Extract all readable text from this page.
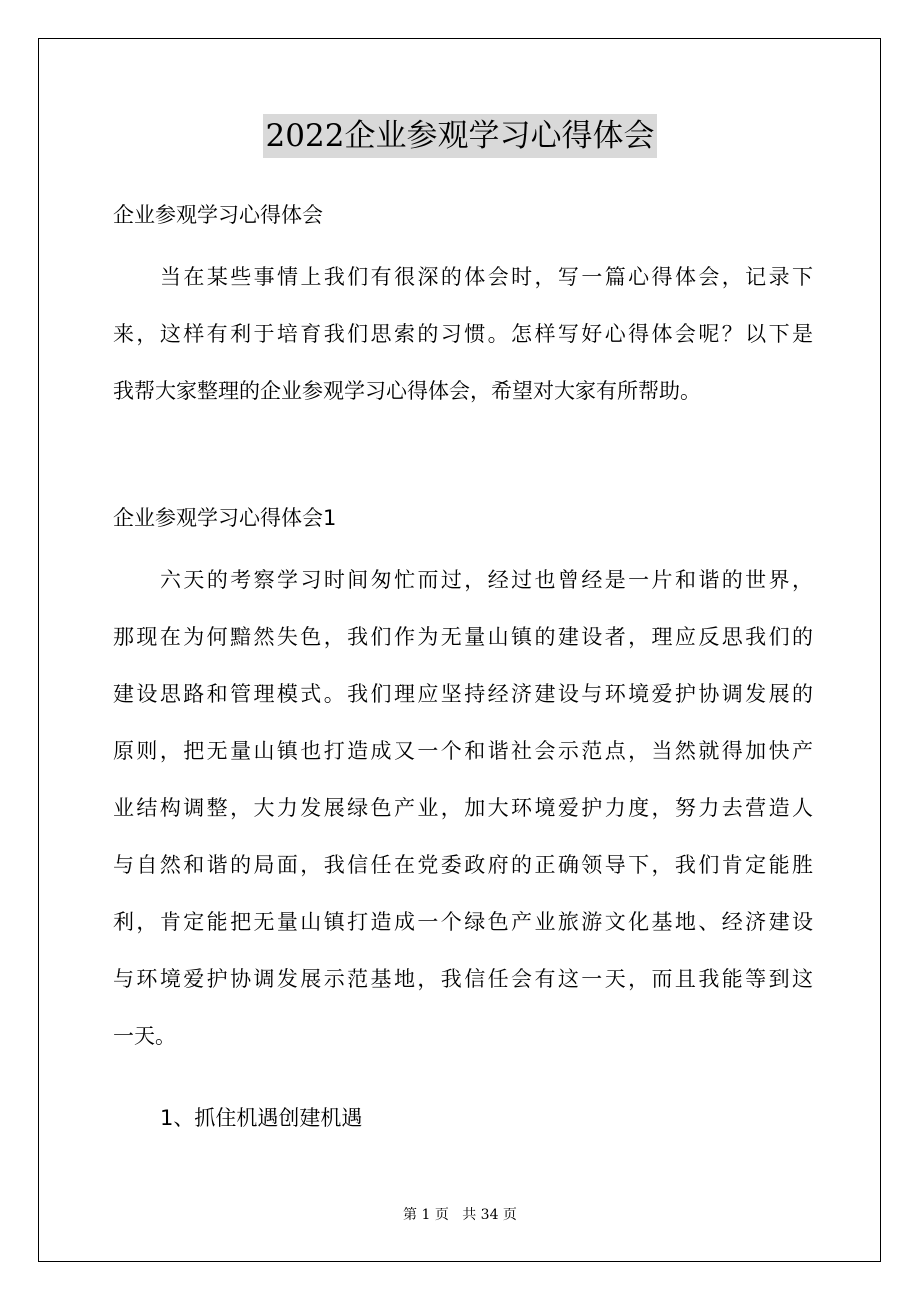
2022企业参观学习心得体会
企业参观学习心得体会
当在某些事情上我们有很深的体会时，写一篇心得体会，记录下
来，这样有利于培育我们思索的习惯。怎样写好心得体会呢？以下是
我帮大家整理的企业参观学习心得体会，希望对大家有所帮助。
企业参观学习心得体会1
六天的考察学习时间匆忙而过，经过也曾经是一片和谐的世界，
那现在为何黯然失色，我们作为无量山镇的建设者，理应反思我们的
建设思路和管理模式。我们理应坚持经济建设与环境爱护协调发展的
原则，把无量山镇也打造成又一个和谐社会示范点，当然就得加快产
业结构调整，大力发展绿色产业，加大环境爱护力度，努力去营造人
与自然和谐的局面，我信任在党委政府的正确领导下，我们肯定能胜
利，肯定能把无量山镇打造成一个绿色产业旅游文化基地、经济建设
与环境爱护协调发展示范基地，我信任会有这一天，而且我能等到这
一天。
1、抓住机遇创建机遇
第 1 页 共 34 页
